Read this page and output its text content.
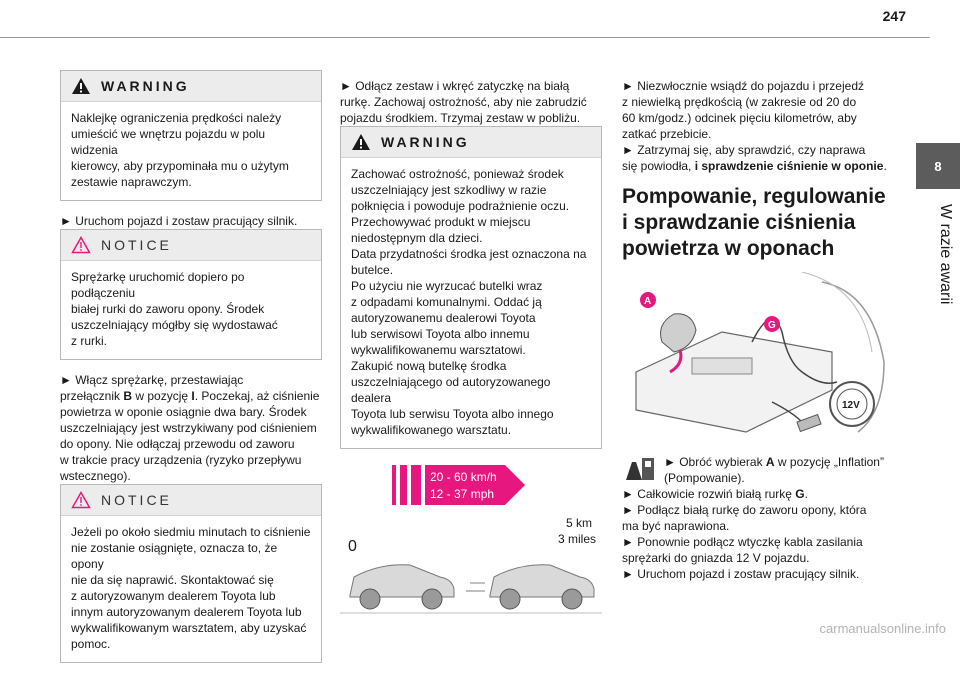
247
8
W razie awarii
WARNING
Naklejkę ograniczenia prędkości należy
umieścić we wnętrzu pojazdu w polu widzenia
kierowcy, aby przypominała mu o użytym
zestawie naprawczym.

► Uruchom pojazd i zostaw pracujący silnik.

NOTICE
Sprężarkę uruchomić dopiero po podłączeniu
białej rurki do zaworu opony. Środek
uszczelniający mógłby się wydostawać
z rurki.

► Włącz sprężarkę, przestawiając
przełącznik B w pozycję I. Poczekaj, aż ciśnienie
powietrza w oponie osiągnie dwa bary. Środek
uszczelniający jest wstrzykiwany pod ciśnieniem
do opony. Nie odłączaj przewodu od zaworu
w trakcie pracy urządzenia (ryzyko przepływu
wstecznego).

NOTICE
Jeżeli po około siedmiu minutach to ciśnienie
nie zostanie osiągnięte, oznacza to, że opony
nie da się naprawić. Skontaktować się
z autoryzowanym dealerem Toyota lub
innym autoryzowanym dealerem Toyota lub
wykwalifikowanym warsztatem, aby uzyskać
pomoc.

► Odłącz zestaw i wkręć zatyczkę na białą
rurkę. Zachowaj ostrożność, aby nie zabrudzić
pojazdu środkiem. Trzymaj zestaw w pobliżu.

WARNING
Zachować ostrożność, ponieważ środek
uszczelniający jest szkodliwy w razie
połknięcia i powoduje podrażnienie oczu.
Przechowywać produkt w miejscu
niedostępnym dla dzieci.
Data przydatności środka jest oznaczona na
butelce.
Po użyciu nie wyrzucać butelki wraz
z odpadami komunalnymi. Oddać ją
autoryzowanemu dealerowi Toyota
lub serwisowi Toyota albo innemu
wykwalifikowanemu warsztatowi.
Zakupić nową butelkę środka
uszczelniającego od autoryzowanego dealera
Toyota lub serwisu Toyota albo innego
wykwalifikowanego warsztatu.
20 - 60 km/h
12 - 37 mph
0
5 km
3 miles

► Niezwłocznie wsiądź do pojazdu i przejedź
z niewielką prędkością (w zakresie od 20 do
60 km/godz.) odcinek pięciu kilometrów, aby
zatkać przebicie.
► Zatrzymaj się, aby sprawdzić, czy naprawa
się powiodła, i sprawdzenie ciśnienie w oponie.

Pompowanie, regulowanie
i sprawdzanie ciśnienia
powietrza w oponach
A
G
12V

► Obróć wybierak A w pozycję „Inflation”
(Pompowanie).

► Całkowicie rozwiń białą rurkę G.

► Podłącz białą rurkę do zaworu opony, która
ma być naprawiona.

► Ponownie podłącz wtyczkę kabla zasilania
sprężarki do gniazda 12 V pojazdu.

► Uruchom pojazd i zostaw pracujący silnik.

carmanualsonline.info
